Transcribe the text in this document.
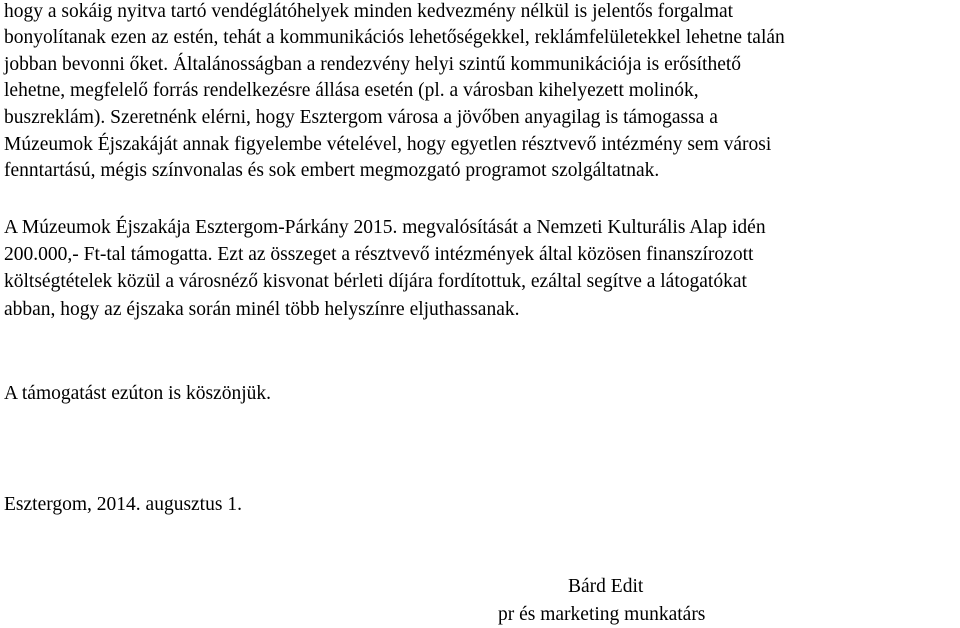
hogy a sokáig nyitva tartó vendéglátóhelyek minden kedvezmény nélkül is jelentős forgalmat
bonyolítanak ezen az estén, tehát a kommunikációs lehetőségekkel, reklámfelületekkel lehetne talán
jobban bevonni őket. Általánosságban a rendezvény helyi szintű kommunikációja is erősíthető
lehetne, megfelelő forrás rendelkezésre állása esetén (pl. a városban kihelyezett molinók,
buszreklám). Szeretnénk elérni, hogy Esztergom városa a jövőben anyagilag is támogassa a
Múzeumok Éjszakáját annak figyelembe vételével, hogy egyetlen résztvevő intézmény sem városi
fenntartású, mégis színvonalas és sok embert megmozgató programot szolgáltatnak.
A Múzeumok Éjszakája Esztergom-Párkány 2015. megvalósítását a Nemzeti Kulturális Alap idén
200.000,- Ft-tal támogatta. Ezt az összeget a résztvevő intézmények által közösen finanszírozott
költségtételek közül a városnéző kisvonat bérleti díjára fordítottuk, ezáltal segítve a látogatókat
abban, hogy az éjszaka során minél több helyszínre eljuthassanak.
A támogatást ezúton is köszönjük.
Esztergom, 2014. augusztus 1.
Bárd Edit
pr és marketing munkatárs
